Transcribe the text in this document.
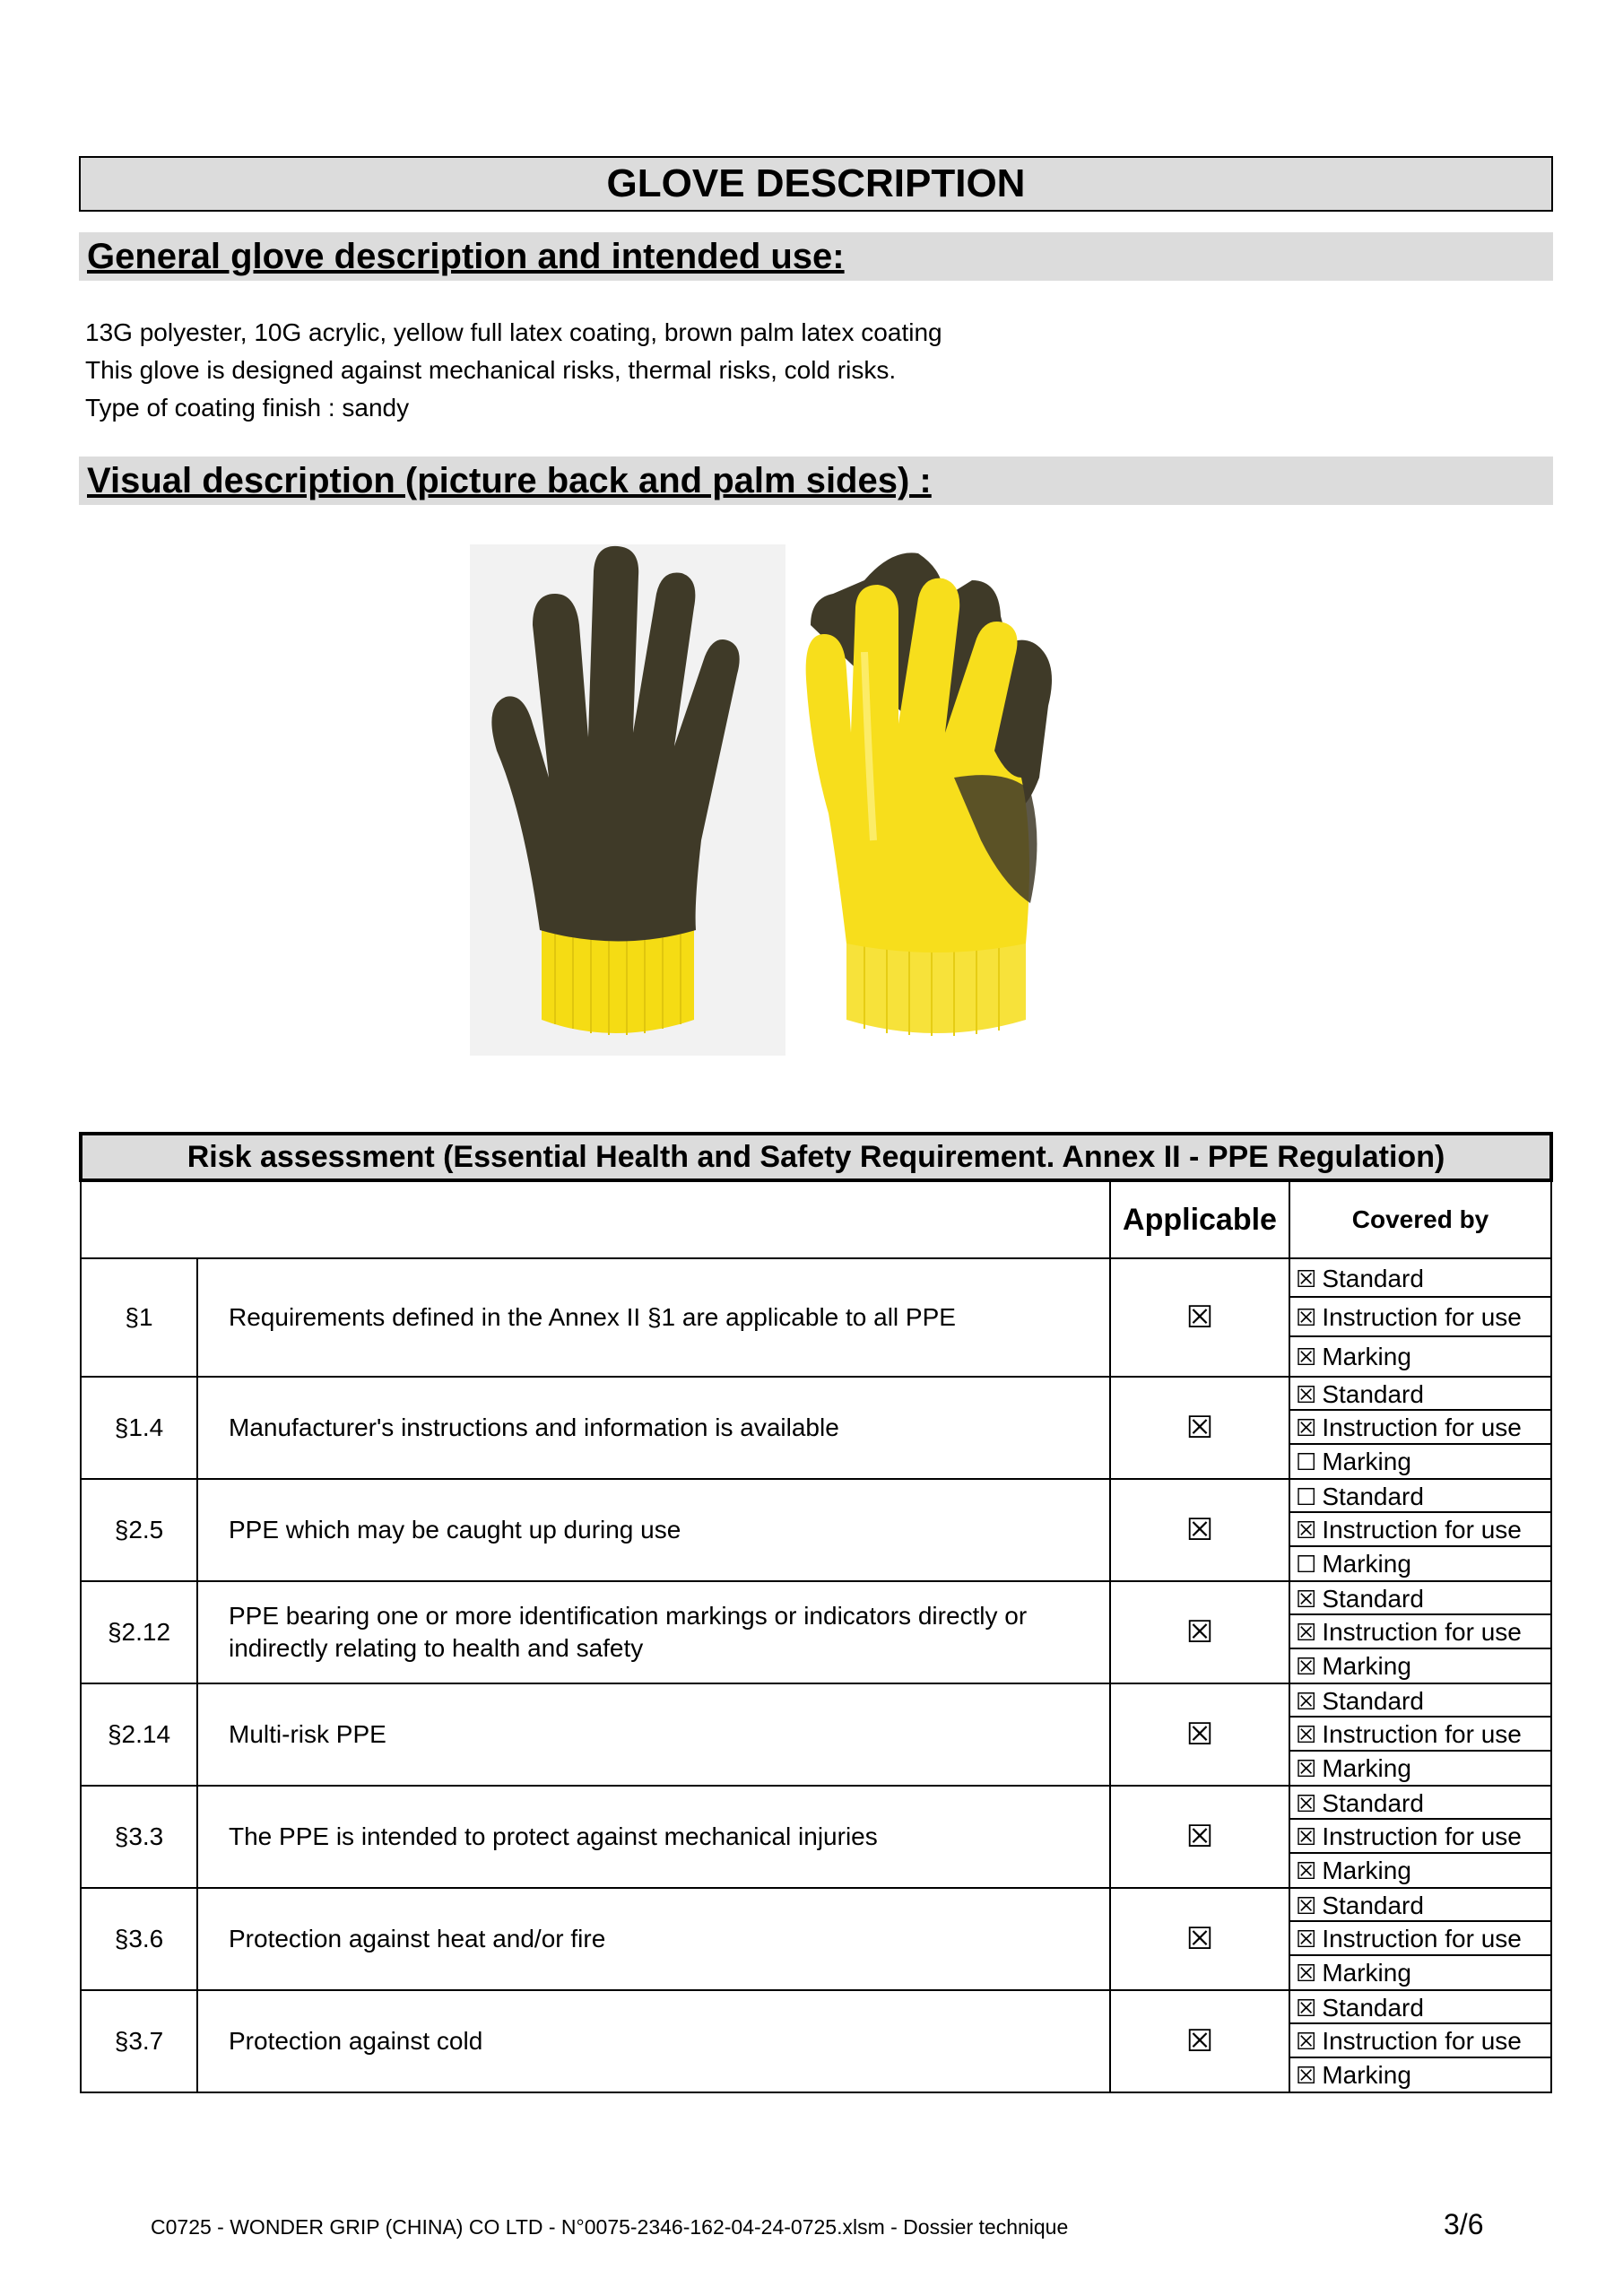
GLOVE DESCRIPTION
General glove description and intended use:
13G polyester, 10G acrylic, yellow full latex coating, brown palm latex coating
This glove is designed against mechanical risks, thermal risks, cold risks.
Type of coating finish : sandy
Visual description (picture back and palm sides) :
Risk assessment (Essential Health and Safety Requirement. Annex II - PPE Regulation)			
		Applicable	Covered by
§1	Requirements defined in the Annex II §1 are applicable to all PPE	☒	☒ Standard
☒ Instruction for use
☒ Marking

§1.4	Manufacturer's instructions and information is available	☒	☒ Standard
☒ Instruction for use
☐ Marking

§2.5	PPE which may be caught up during use	☒	☐ Standard
☒ Instruction for use
☐ Marking

§2.12	PPE bearing one or more identification markings or indicators directly or indirectly relating to health and safety	☒	☒ Standard
☒ Instruction for use
☒ Marking

§2.14	Multi-risk PPE	☒	☒ Standard
☒ Instruction for use
☒ Marking

§3.3	The PPE is intended to protect against mechanical injuries	☒	☒ Standard
☒ Instruction for use
☒ Marking

§3.6	Protection against heat and/or fire	☒	☒ Standard
☒ Instruction for use
☒ Marking

§3.7	Protection against cold	☒	☒ Standard
☒ Instruction for use
☒ Marking
C0725 - WONDER GRIP (CHINA) CO LTD - N°0075-2346-162-04-24-0725.xlsm - Dossier technique	3/6
